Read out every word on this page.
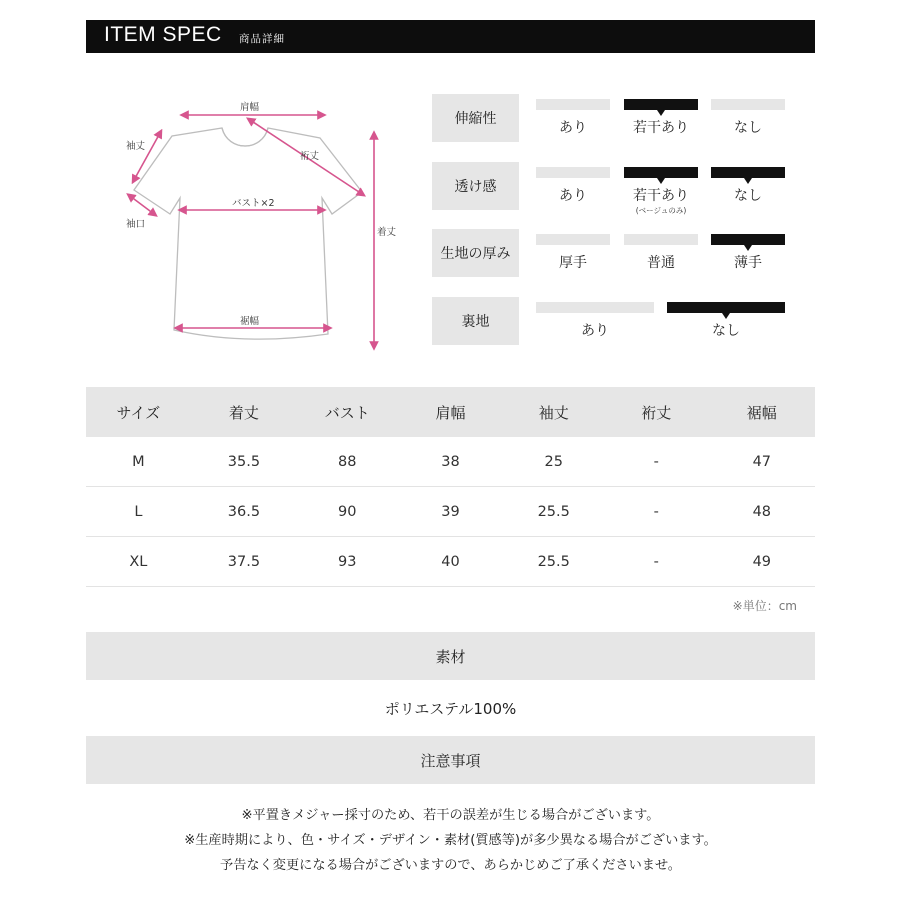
ITEM SPEC 商品詳細
肩幅
袖丈
裄丈
バスト×2
袖口
着丈
裾幅
伸縮性
あり	若干あり	なし
透け感
あり	若干あり
(ベージュのみ)
なし
生地の厚み
厚手	普通	薄手
裏地
あり	なし
サイズ	着丈	バスト	肩幅	袖丈	裄丈	裾幅
M	35.5	88	38	25	-	47
L	36.5	90	39	25.5	-	48
XL	37.5	93	40	25.5	-	49
※単位：cm
素材
ポリエステル100%
注意事項
※平置きメジャー採寸のため、若干の誤差が生じる場合がございます。
※生産時期により、色・サイズ・デザイン・素材(質感等)が多少異なる場合がございます。
予告なく変更になる場合がございますので、あらかじめご了承くださいませ。
